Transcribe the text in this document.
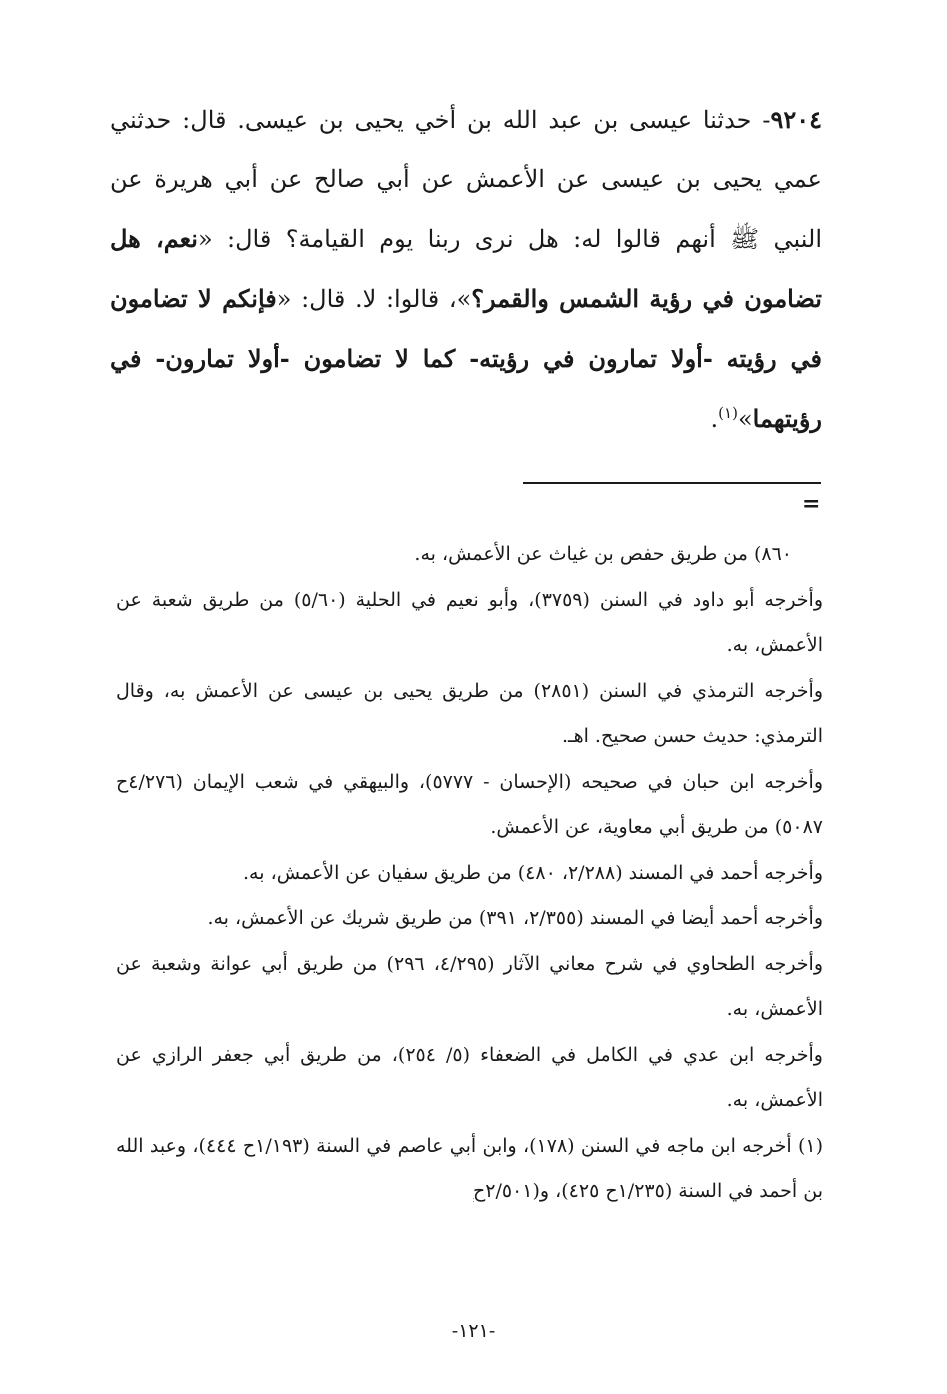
٩٢٠٤- حدثنا عيسى بن عبد الله بن أخي يحيى بن عيسى. قال: حدثني عمي يحيى بن عيسى عن الأعمش عن أبي صالح عن أبي هريرة عن النبي ﷺ أنهم قالوا له: هل نرى ربنا يوم القيامة؟ قال: «نعم، هل تضامون في رؤية الشمس والقمر؟»، قالوا: لا. قال: «فإنكم لا تضامون في رؤيته -أولا تمارون في رؤيته- كما لا تضامون -أولا تمارون- في رؤيتهما»$^{(١)}$.

=

٨٦٠) من طريق حفص بن غياث عن الأعمش، به.

وأخرجه أبو داود في السنن (٣٧٥٩)، وأبو نعيم في الحلية (٥/٦٠) من طريق شعبة عن الأعمش، به.

وأخرجه الترمذي في السنن (٢٨٥١) من طريق يحيى بن عيسى عن الأعمش به، وقال الترمذي: حديث حسن صحيح. اهـ.

وأخرجه ابن حبان في صحيحه (الإحسان - ٥٧٧٧)، والبيهقي في شعب الإيمان (٤/٢٧٦ح ٥٠٨٧) من طريق أبي معاوية، عن الأعمش.

وأخرجه أحمد في المسند (٢/٢٨٨، ٤٨٠) من طريق سفيان عن الأعمش، به.

وأخرجه أحمد أيضا في المسند (٢/٣٥٥، ٣٩١) من طريق شريك عن الأعمش، به.

وأخرجه الطحاوي في شرح معاني الآثار (٤/٢٩٥، ٢٩٦) من طريق أبي عوانة وشعبة عن الأعمش، به.

وأخرجه ابن عدي في الكامل في الضعفاء (٥/ ٢٥٤)، من طريق أبي جعفر الرازي عن الأعمش، به.

(١) أخرجه ابن ماجه في السنن (١٧٨)، وابن أبي عاصم في السنة (١/١٩٣ح ٤٤٤)، وعبد الله بن أحمد في السنة (١/٢٣٥ح ٤٢٥)، و(٢/٥٠١ح

-١٢١-
